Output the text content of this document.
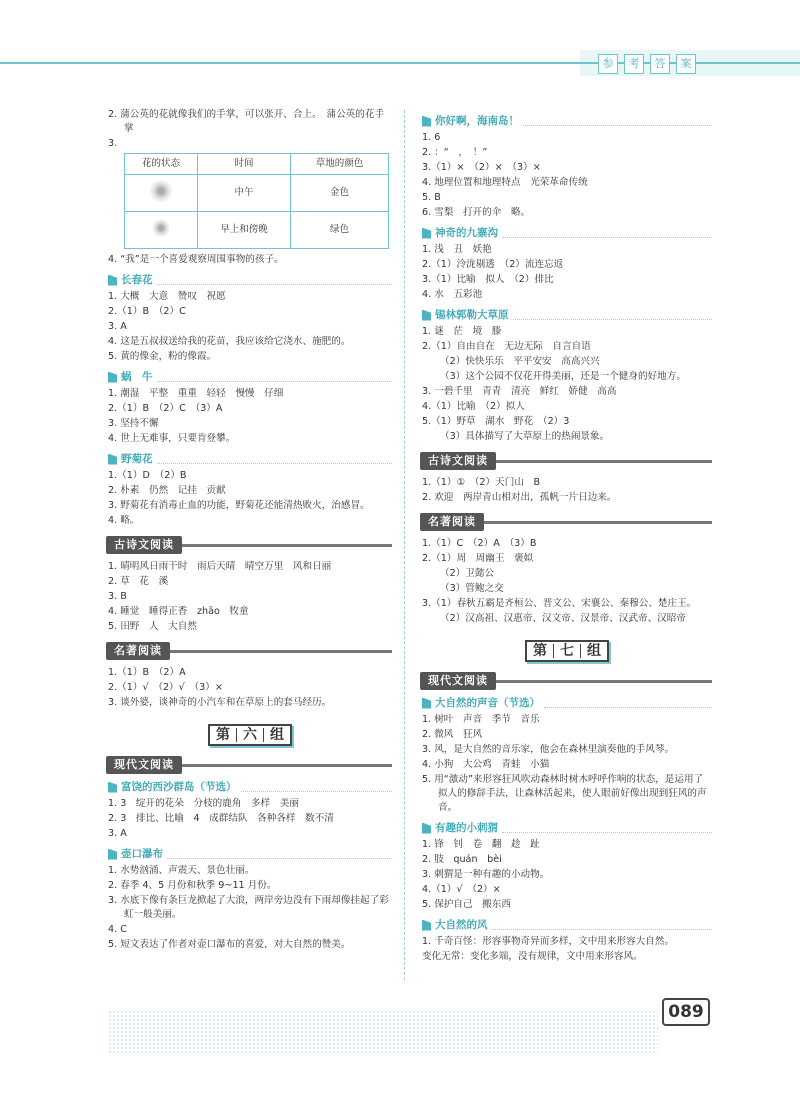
参	考	答	案
2. 蒲公英的花就像我们的手掌，可以张开、合上。　蒲公英的花手掌
3.
花的状态	时间	草地的颜色
	中午	金色
	早上和傍晚	绿色
4. “我”是一个喜爱观察周围事物的孩子。
长春花
1. 大概　大意　赞叹　祝愿
2.（1）B　（2）C
3. A
4. 这是五叔叔送给我的花苗，我应该给它浇水、施肥的。
5. 黄的像金，粉的像霞。
蜗　牛
1. 潮湿　平整　重重　轻轻　慢慢　仔细
2.（1）B　（2）C　（3）A
3. 坚持不懈
4. 世上无难事，只要肯登攀。
野菊花
1.（1）D　（2）B
2. 朴素　仍然　记挂　贡献
3. 野菊花有消毒止血的功能，野菊花还能清热败火，治感冒。
4. 略。
古诗文阅读
1. 晴明风日雨干时　雨后天晴　晴空万里　风和日丽
2. 草　花　溪
3. B
4. 睡觉　睡得正香　zhāo　牧童
5. 田野　人　大自然
名著阅读
1.（1）B　（2）A
2.（1）√　（2）√　（3）×
3. 谈外婆，谈神奇的小汽车和在草原上的套马经历。
第 六 组
现代文阅读
富饶的西沙群岛（节选）
1. 3　绽开的花朵　分枝的鹿角　多样　美丽
2. 3　排比、比喻　4　成群结队　各种各样　数不清
3. A
壶口瀑布
1. 水势汹涌、声震天、景色壮丽。
2. 春季 4、5 月份和秋季 9~11 月份。
3. 水底下像有条巨龙掀起了大浪，两岸旁边没有下雨却像挂起了彩虹一般美丽。
4. C
5. 短文表达了作者对壶口瀑布的喜爱，对大自然的赞美。
你好啊，海南岛！
1. 6
2. ：“　，　！”
3.（1）×　（2）×　（3）×
4. 地理位置和地理特点　光荣革命传统
5. B
6. 雪梨　打开的伞　略。
神奇的九寨沟
1. 浅　丑　妖艳
2.（1）泠泷剔透　（2）流连忘返
3.（1）比喻　拟人　（2）排比
4. 水　五彩池
锡林郭勒大草原
1. 谜　茫　境　滕
2.（1）自由自在　无边无际　自言自语
（2）快快乐乐　平平安安　高高兴兴
（3）这个公园不仅花开得美丽，还是一个健身的好地方。
3. 一碧千里　青青　清亮　鲜红　娇健　高高
4.（1）比喻　（2）拟人
5.（1）野草　湖水　野花　（2）3
（3）具体描写了大草原上的热闹景象。
古诗文阅读
1.（1）①　（2）天门山　B
2. 欢迎　两岸青山相对出，孤帆一片日边来。
名著阅读
1.（1）C　（2）A　（3）B
2.（1）周　周幽王　褒姒
（2）卫懿公
（3）管鲍之交
3.（1）春秋五霸是齐桓公、晋文公、宋襄公、秦穆公、楚庄王。
（2）汉高祖、汉惠帝、汉文帝、汉景帝、汉武帝、汉昭帝
第 七 组
现代文阅读
大自然的声音（节选）
1. 树叶　声音　季节　音乐
2. 微风　狂风
3. 风，是大自然的音乐家，他会在森林里演奏他的手风琴。
4. 小狗　大公鸡　青蛙　小猫
5. 用“激动”来形容狂风吹动森林时树木呼呼作响的状态，是运用了拟人的修辞手法，让森林活起来，使人眼前好像出现到狂风的声音。
有趣的小刺猬
1. 锋　钊　卷　翻　趁　趾
2. 肢　quán　bèi
3. 刺猬是一种有趣的小动物。
4.（1）√　（2）×
5. 保护自己　搬东西
大自然的风
1. 千奇百怪：形容事物奇异而多样，文中用来形容大自然。
变化无常：变化多端，没有规律，文中用来形容风。
089
